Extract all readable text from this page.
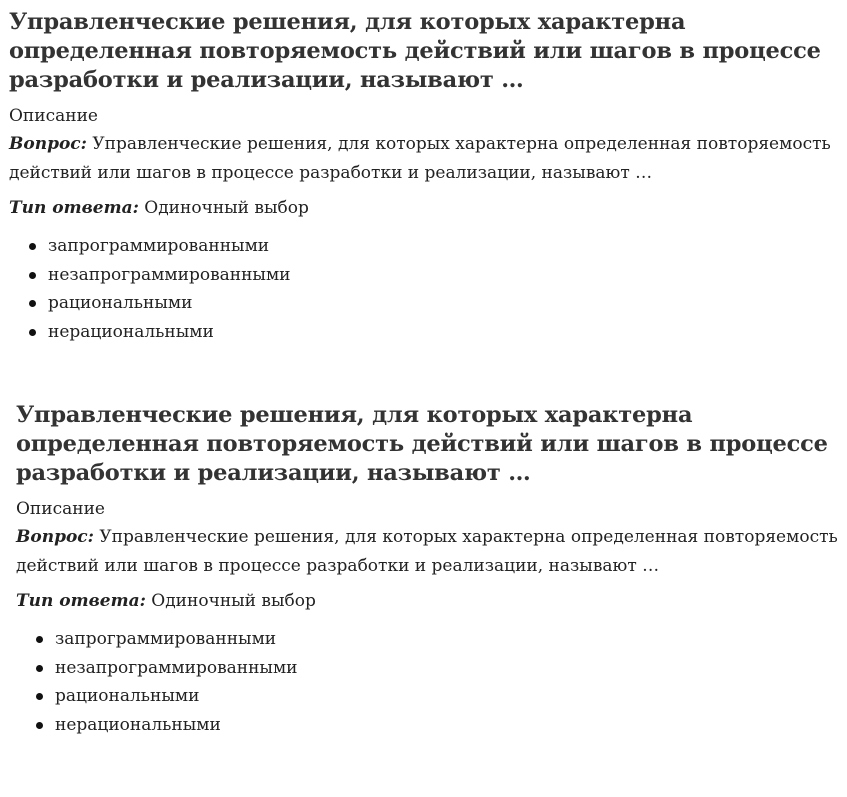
Управленческие решения, для которых характерна определенная повторяемость действий или шагов в процессе разработки и реализации, называют …
Описание
Вопрос: Управленческие решения, для которых характерна определенная повторяемость действий или шагов в процессе разработки и реализации, называют …
Тип ответа: Одиночный выбор
запрограммированными
незапрограммированными
рациональными
нерациональными
Управленческие решения, для которых характерна определенная повторяемость действий или шагов в процессе разработки и реализации, называют …
Описание
Вопрос: Управленческие решения, для которых характерна определенная повторяемость действий или шагов в процессе разработки и реализации, называют …
Тип ответа: Одиночный выбор
запрограммированными
незапрограммированными
рациональными
нерациональными
